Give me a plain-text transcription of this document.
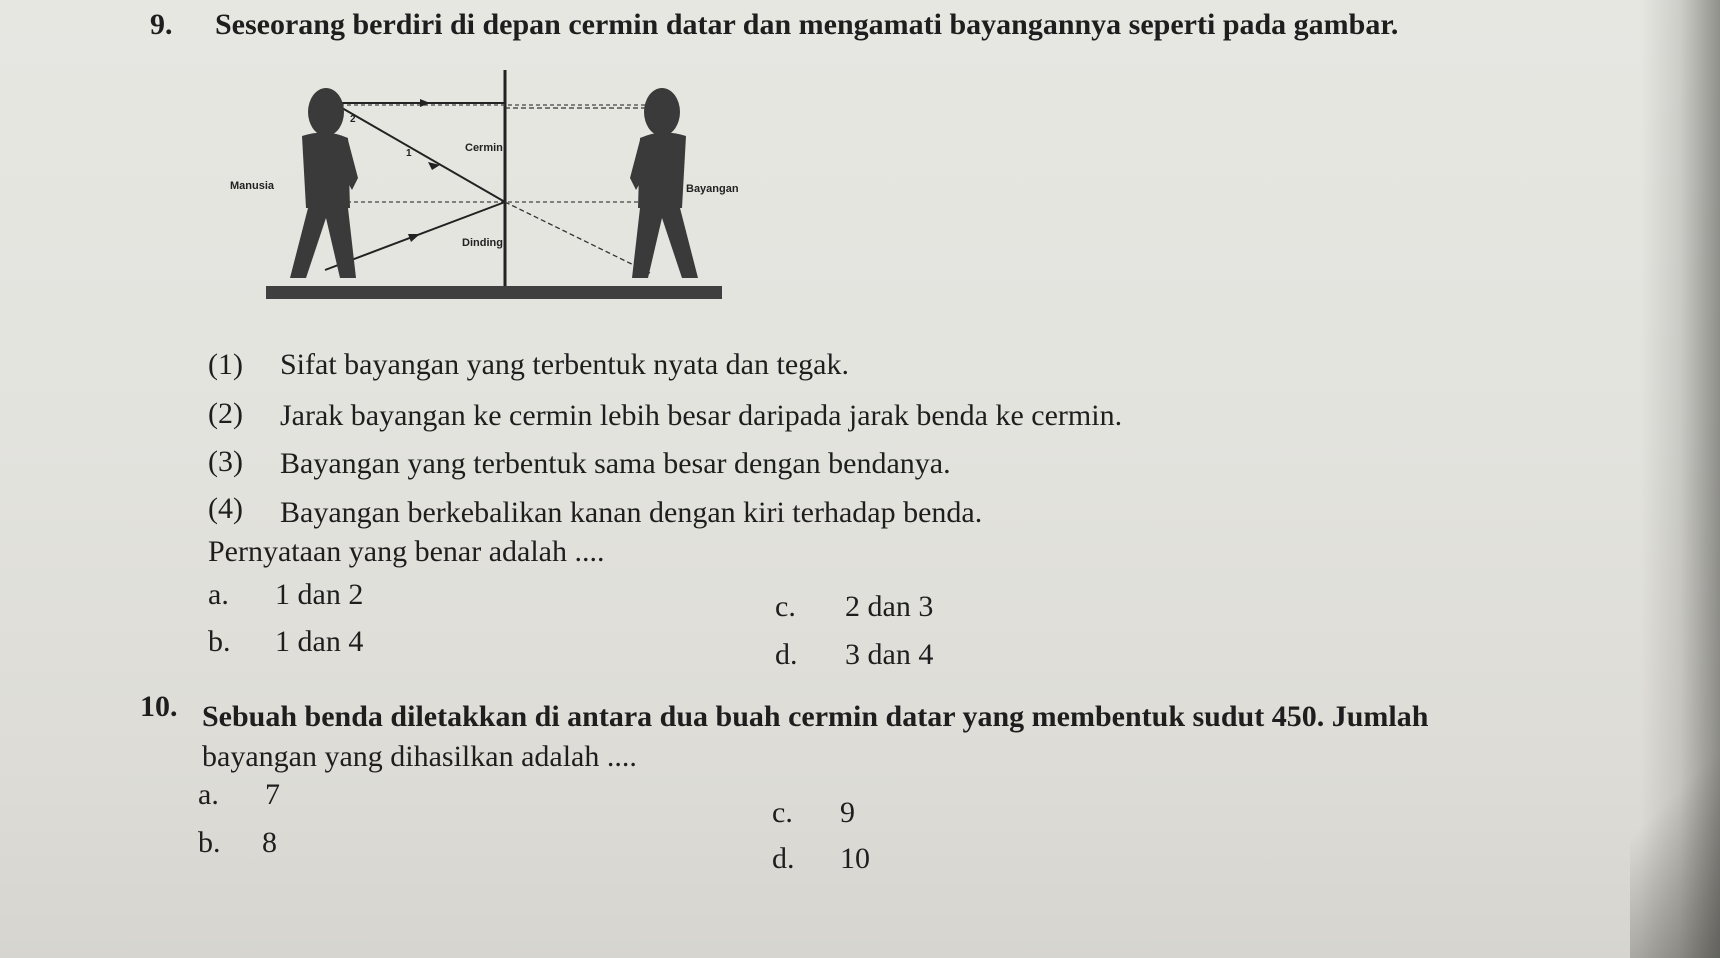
9. Seseorang berdiri di depan cermin datar dan mengamati bayangannya seperti pada gambar.
Manusia	Bayangan
Cermin
Dinding
1
2
(1) Sifat bayangan yang terbentuk nyata dan tegak.
(2) Jarak bayangan ke cermin lebih besar daripada jarak benda ke cermin.
(3) Bayangan yang terbentuk sama besar dengan bendanya.
(4) Bayangan berkebalikan kanan dengan kiri terhadap benda.
Pernyataan yang benar adalah ....
a. 1 dan 2
b. 1 dan 4
c. 2 dan 3
d. 3 dan 4
10. Sebuah benda diletakkan di antara dua buah cermin datar yang membentuk sudut 450. Jumlah
bayangan yang dihasilkan adalah ....
a. 7
b. 8
c. 9
d. 10
